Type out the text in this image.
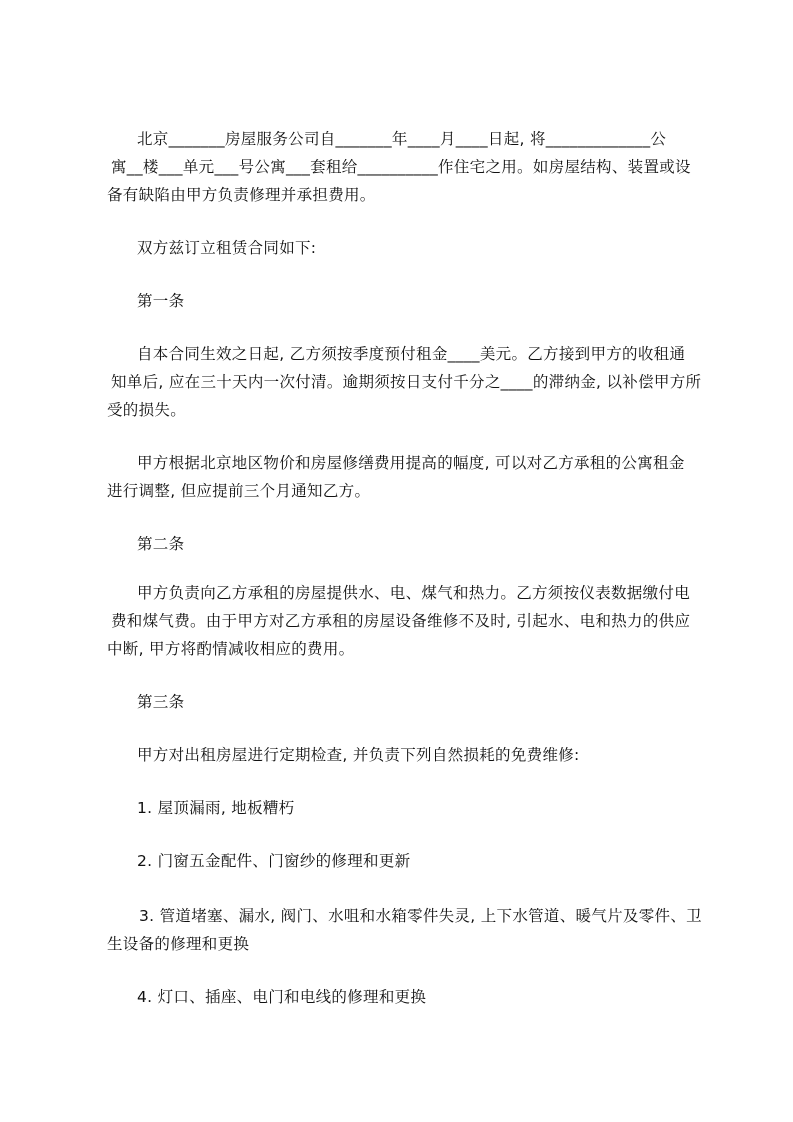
北京_______房屋服务公司自_______年____月____日起, 将_____________公
寓__楼___单元___号公寓___套租给__________作住宅之用。如房屋结构、装置或设
备有缺陷由甲方负责修理并承担费用。
双方兹订立租赁合同如下:
第一条
自本合同生效之日起, 乙方须按季度预付租金____美元。乙方接到甲方的收租通
知单后, 应在三十天内一次付清。逾期须按日支付千分之____的滞纳金, 以补偿甲方所
受的损失。
甲方根据北京地区物价和房屋修缮费用提高的幅度, 可以对乙方承租的公寓租金
进行调整, 但应提前三个月通知乙方。
第二条
甲方负责向乙方承租的房屋提供水、电、煤气和热力。乙方须按仪表数据缴付电
费和煤气费。由于甲方对乙方承租的房屋设备维修不及时, 引起水、电和热力的供应
中断, 甲方将酌情减收相应的费用。
第三条
甲方对出租房屋进行定期检查, 并负责下列自然损耗的免费维修:
1. 屋顶漏雨, 地板糟朽
2. 门窗五金配件、门窗纱的修理和更新
3. 管道堵塞、漏水, 阀门、水咀和水箱零件失灵, 上下水管道、暖气片及零件、卫
生设备的修理和更换
4. 灯口、插座、电门和电线的修理和更换
